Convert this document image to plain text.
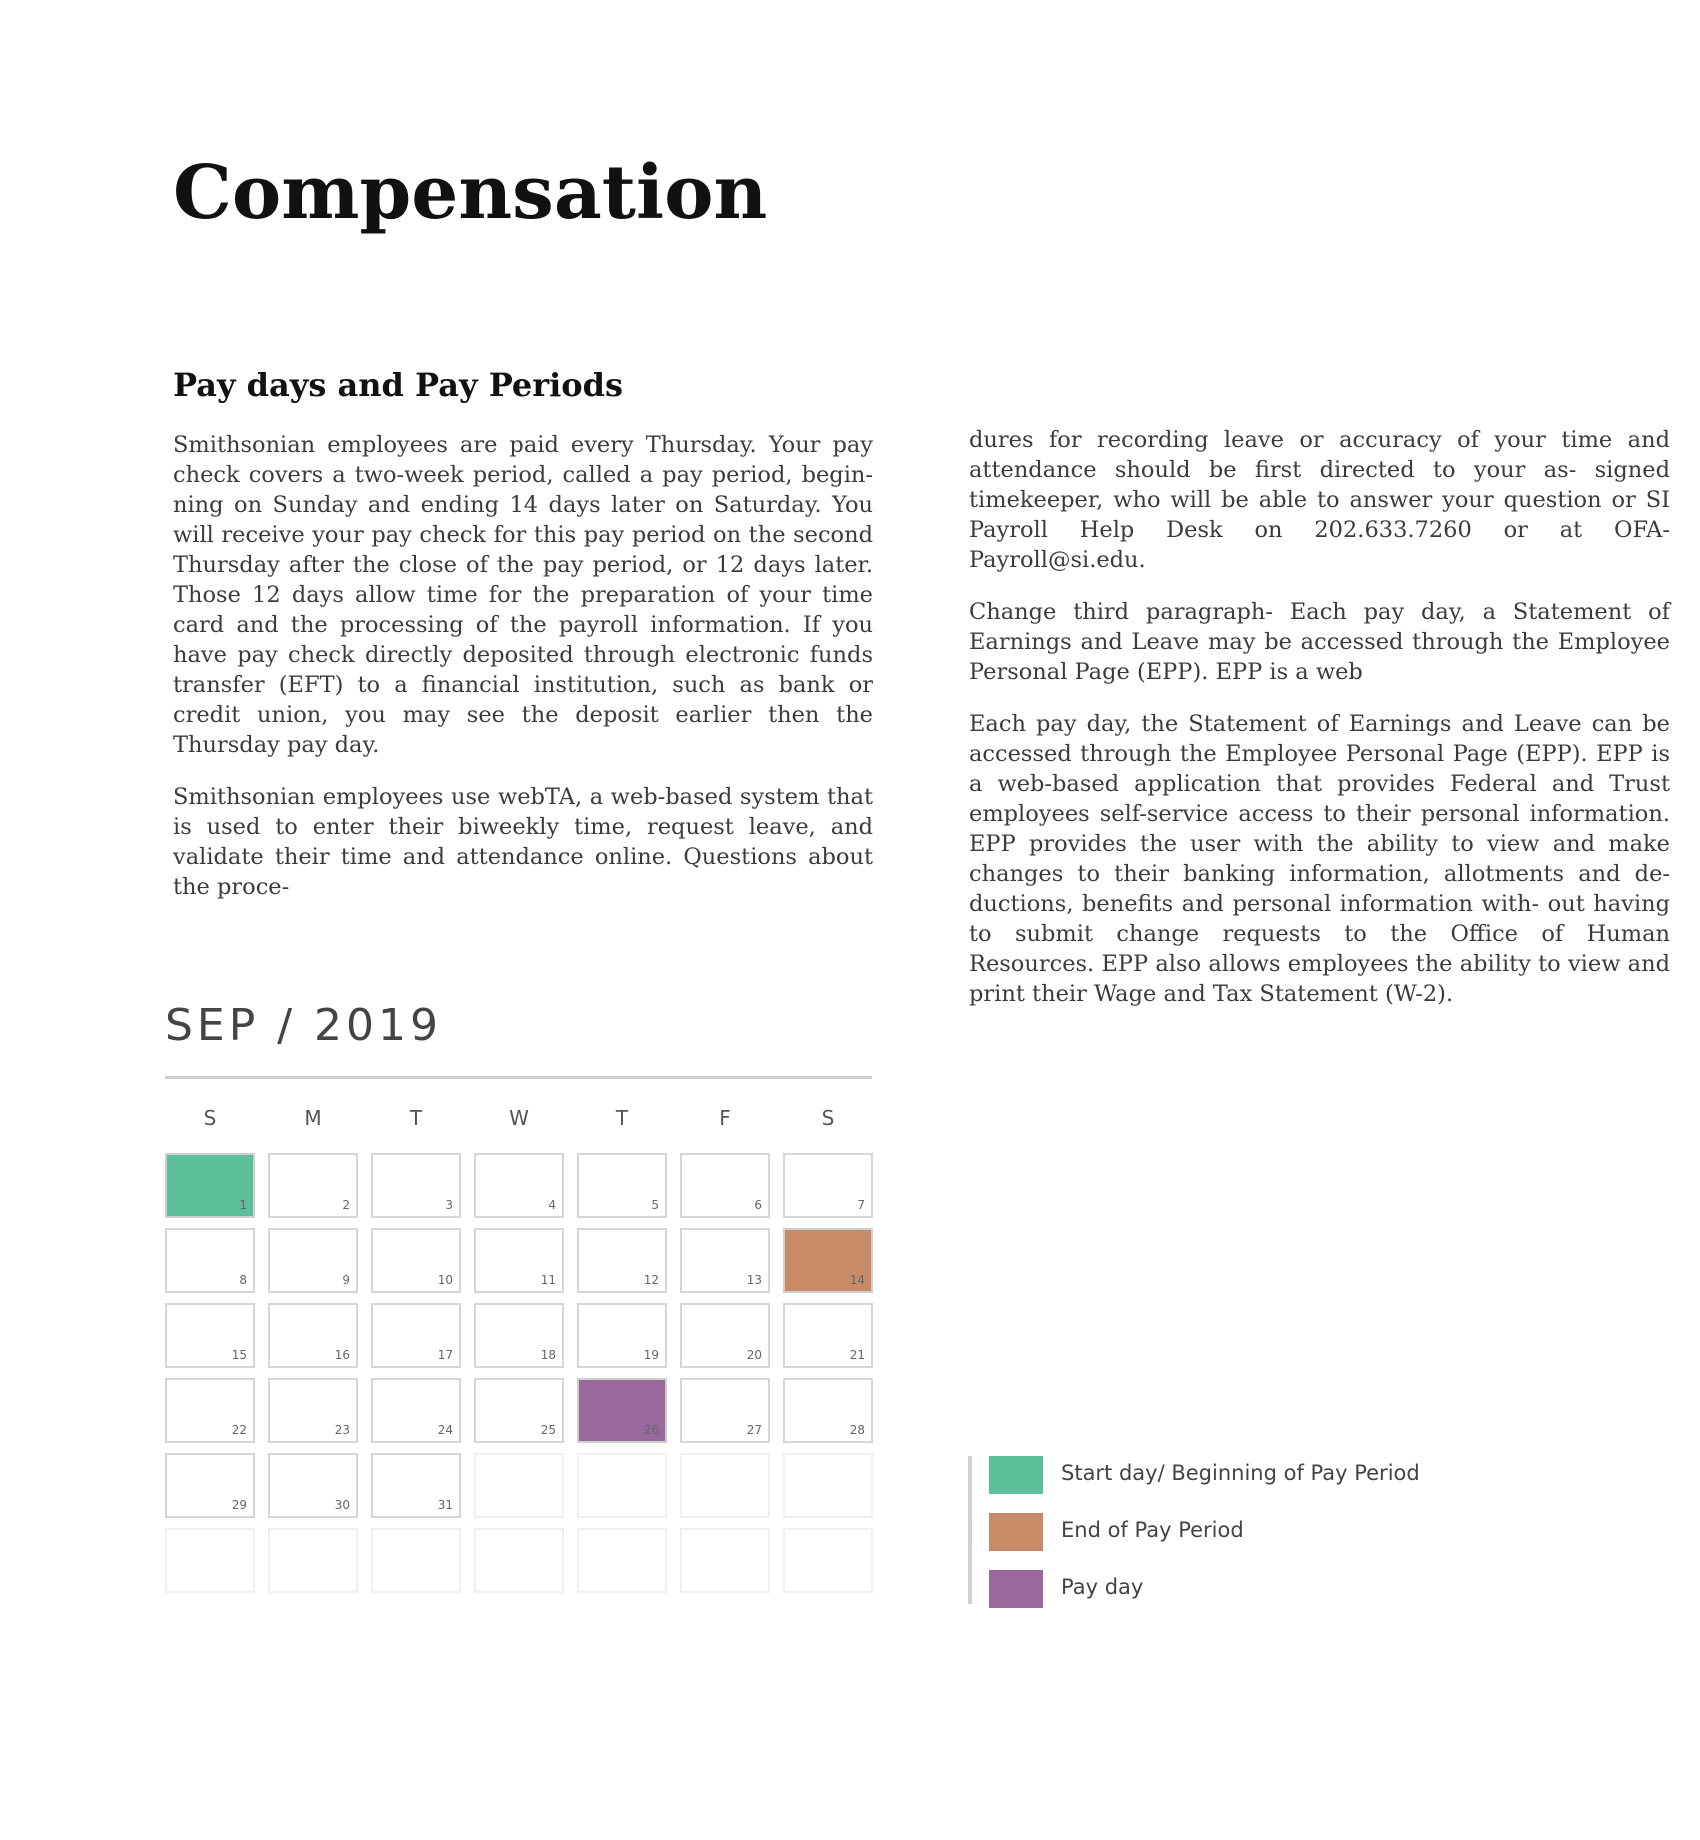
Compensation
Pay days and Pay Periods

Smithsonian employees are paid every Thursday. Your pay check covers a two-week period, called a pay period, begin- ning on Sunday and ending 14 days later on Saturday. You will receive your pay check for this pay period on the second Thursday after the close of the pay period, or 12 days later. Those 12 days allow time for the preparation of your time card and the processing of the payroll information. If you have pay check directly deposited through electronic funds transfer (EFT) to a financial institution, such as bank or credit union, you may see the deposit earlier then the Thursday pay day.

Smithsonian employees use webTA, a web-based system that is used to enter their biweekly time, request leave, and validate their time and attendance online. Questions about the proce-

dures for recording leave or accuracy of your time and attendance should be first directed to your as- signed timekeeper, who will be able to answer your question or SI Payroll Help Desk on 202.633.7260 or at OFA-Payroll@si.edu.

Change third paragraph- Each pay day, a Statement of Earnings and Leave may be accessed through the Employee Personal Page (EPP). EPP is a web

Each pay day, the Statement of Earnings and Leave can be accessed through the Employee Personal Page (EPP). EPP is a web-based application that provides Federal and Trust employees self-service access to their personal information. EPP provides the user with the ability to view and make changes to their banking information, allotments and de- ductions, benefits and personal information with- out having to submit change requests to the Office of Human Resources. EPP also allows employees the ability to view and print their Wage and Tax Statement (W-2).

SEP / 2019
S	M	T	W	T	F	S
1	2	3	4	5	6	7
8	9	10	11	12	13	14
15	16	17	18	19	20	21
22	23	24	25	26	27	28
29	30	31
Start day/ Beginning of Pay Period
End of Pay Period
Pay day
